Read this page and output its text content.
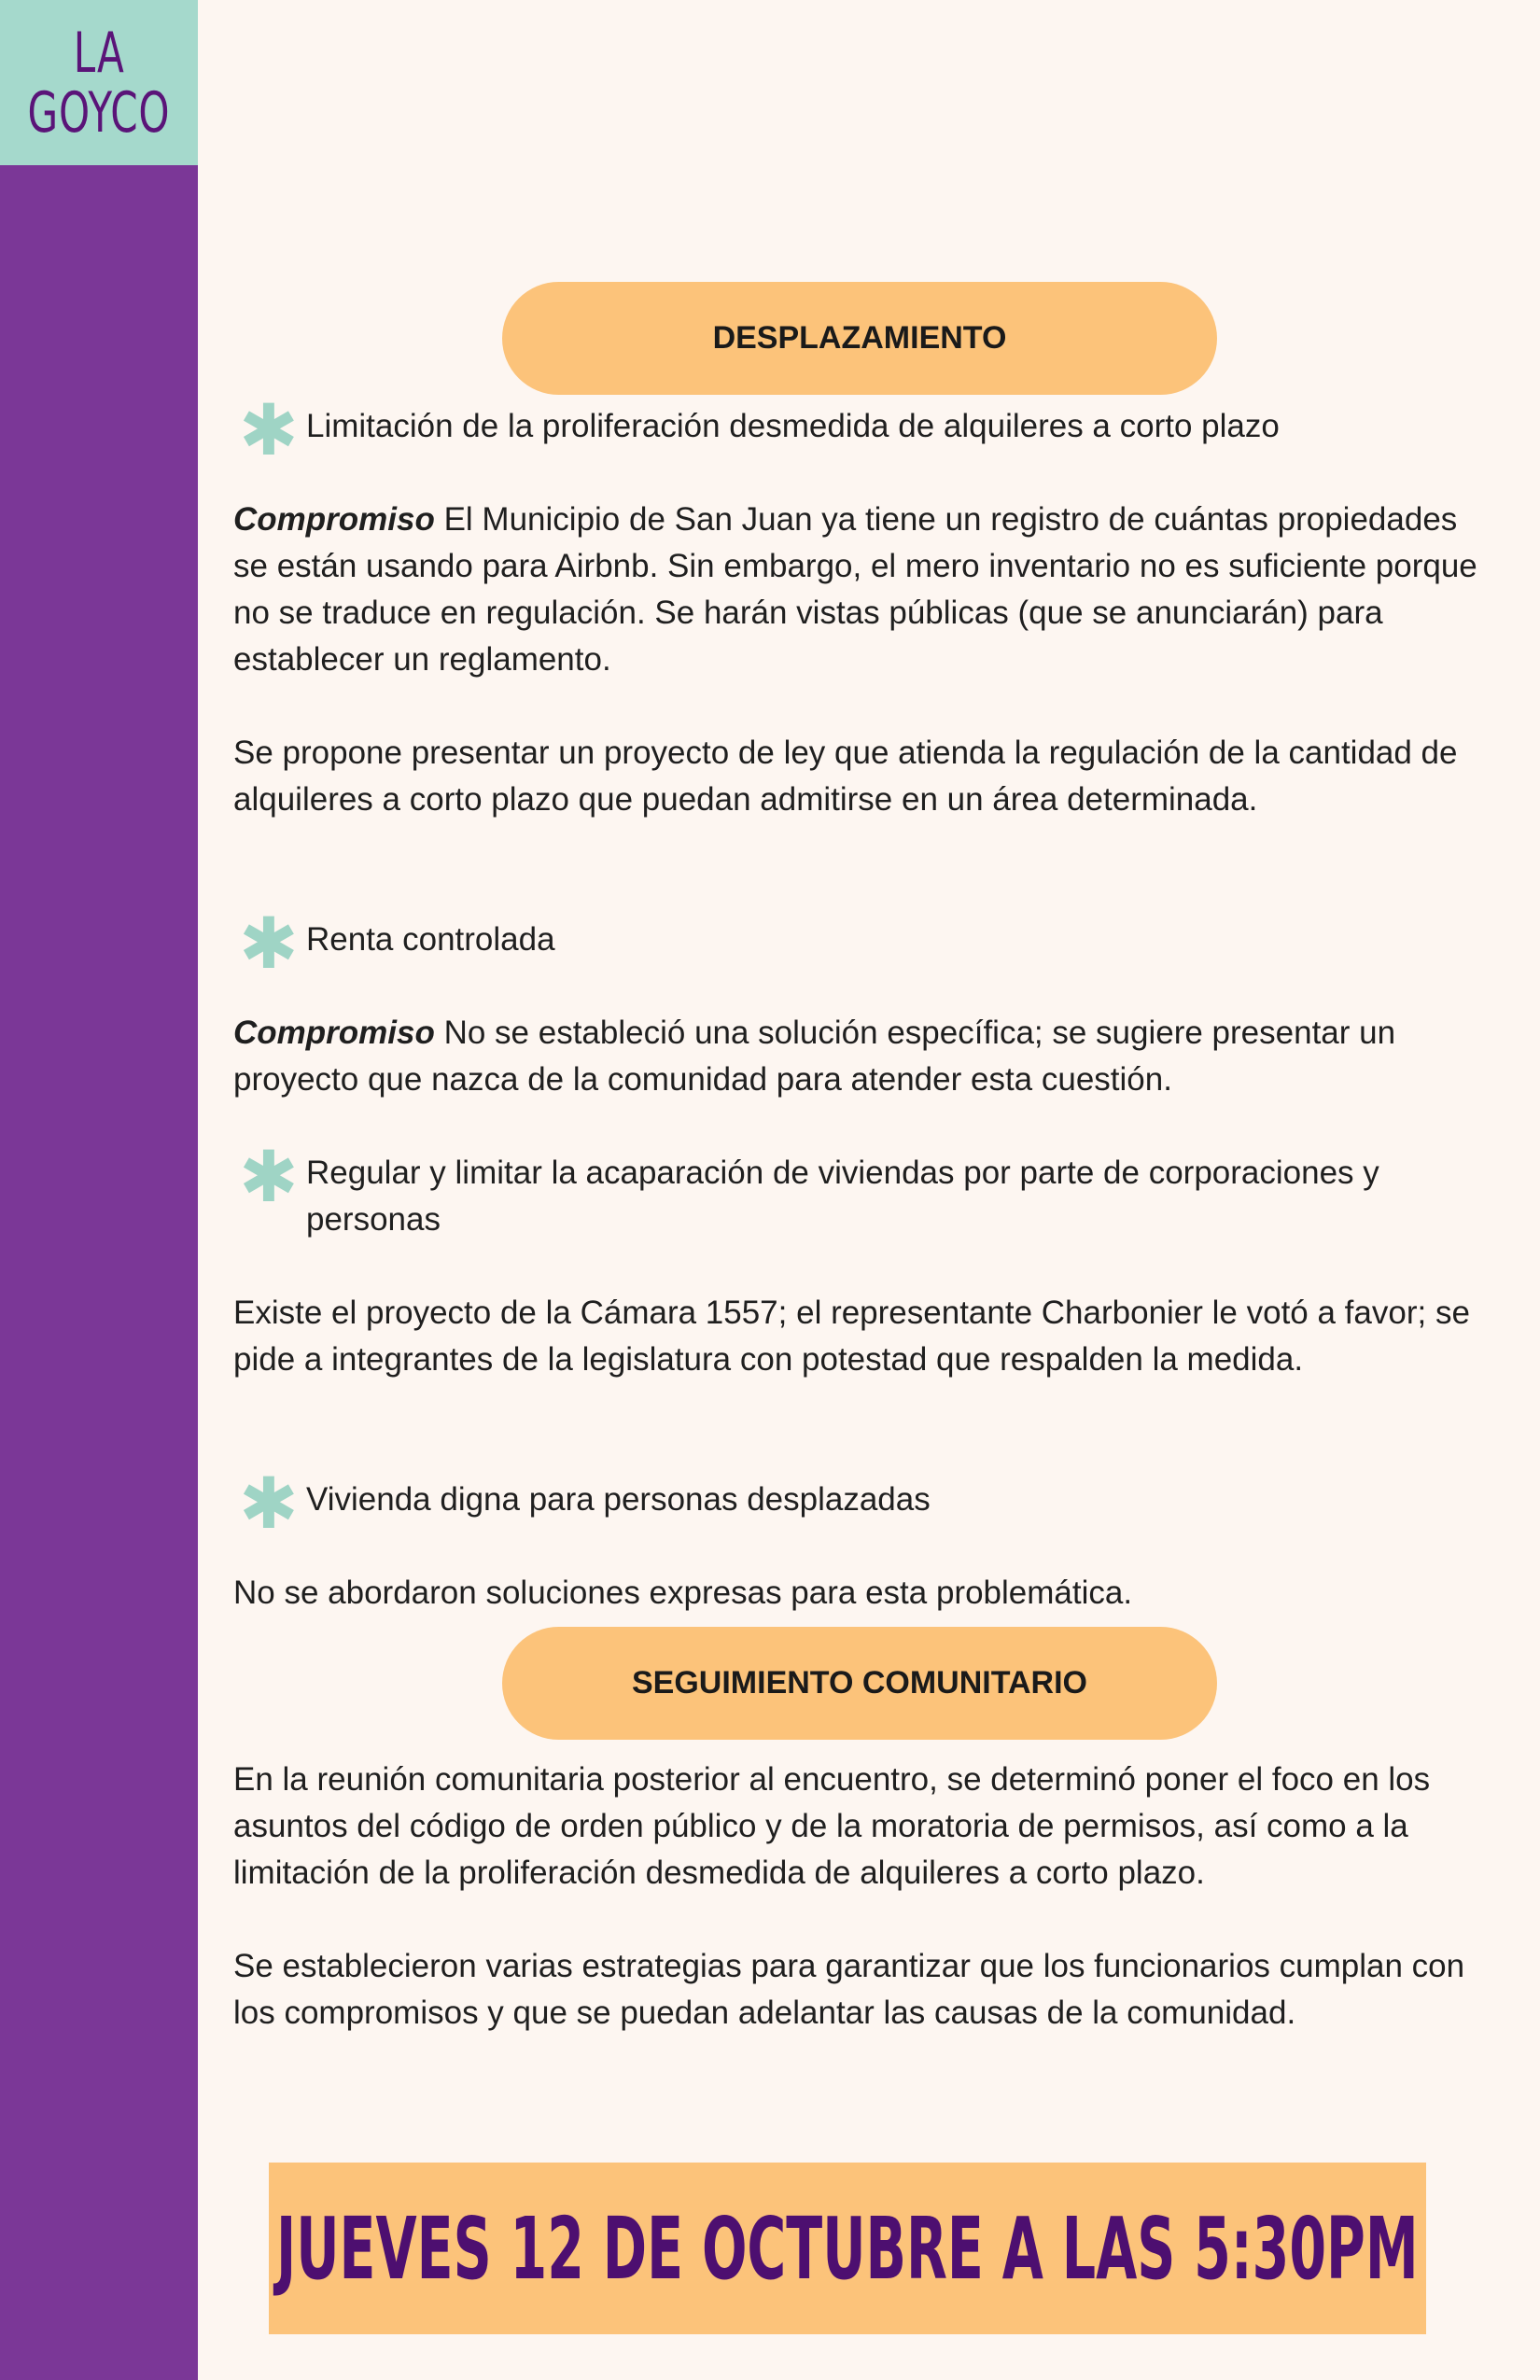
LA
GOYCO
DESPLAZAMIENTO
✱ Limitación de la proliferación desmedida de alquileres a corto plazo

Compromiso El Municipio de San Juan ya tiene un registro de cuántas propiedades se están usando para Airbnb. Sin embargo, el mero inventario no es suficiente porque no se traduce en regulación. Se harán vistas públicas (que se anunciarán) para establecer un reglamento.

Se propone presentar un proyecto de ley que atienda la regulación de la cantidad de alquileres a corto plazo que puedan admitirse en un área determinada.

✱ Renta controlada

Compromiso No se estableció una solución específica; se sugiere presentar un proyecto que nazca de la comunidad para atender esta cuestión.

✱ Regular y limitar la acaparación de viviendas por parte de corporaciones y personas

Existe el proyecto de la Cámara 1557; el representante Charbonier le votó a favor; se pide a integrantes de la legislatura con potestad que respalden la medida.

✱ Vivienda digna para personas desplazadas

No se abordaron soluciones expresas para esta problemática.

SEGUIMIENTO COMUNITARIO

En la reunión comunitaria posterior al encuentro, se determinó poner el foco en los asuntos del código de orden público y de la moratoria de permisos, así como a la limitación de la proliferación desmedida de alquileres a corto plazo.

Se establecieron varias estrategias para garantizar que los funcionarios cumplan con los compromisos y que se puedan adelantar las causas de la comunidad.

JUEVES 12 DE OCTUBRE A LAS 5:30PM
